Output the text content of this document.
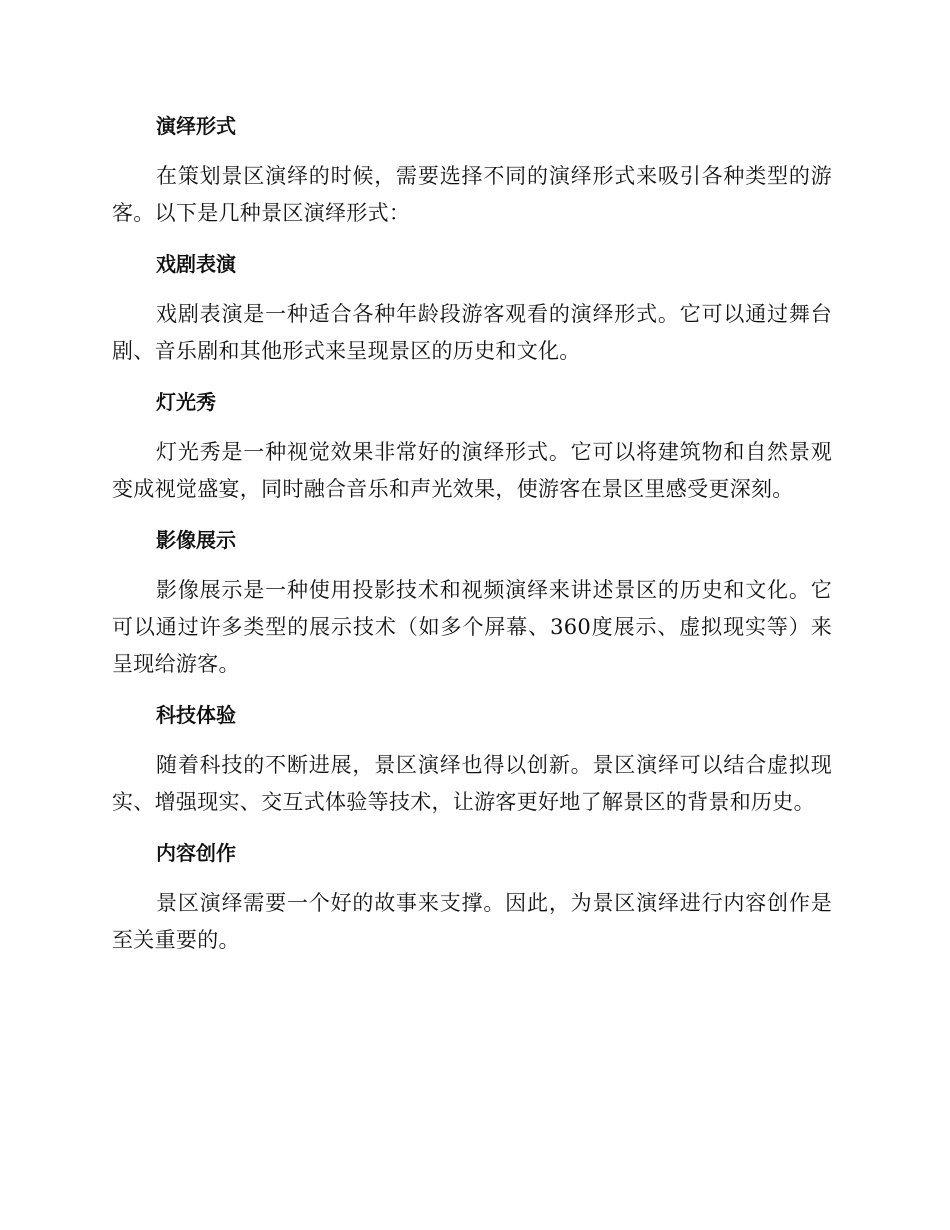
演绎形式

在策划景区演绎的时候，需要选择不同的演绎形式来吸引各种类型的游客。以下是几种景区演绎形式：

戏剧表演

戏剧表演是一种适合各种年龄段游客观看的演绎形式。它可以通过舞台剧、音乐剧和其他形式来呈现景区的历史和文化。

灯光秀

灯光秀是一种视觉效果非常好的演绎形式。它可以将建筑物和自然景观变成视觉盛宴，同时融合音乐和声光效果，使游客在景区里感受更深刻。

影像展示

影像展示是一种使用投影技术和视频演绎来讲述景区的历史和文化。它可以通过许多类型的展示技术（如多个屏幕、360度展示、虚拟现实等）来呈现给游客。

科技体验

随着科技的不断进展，景区演绎也得以创新。景区演绎可以结合虚拟现实、增强现实、交互式体验等技术，让游客更好地了解景区的背景和历史。

内容创作

景区演绎需要一个好的故事来支撑。因此，为景区演绎进行内容创作是至关重要的。
